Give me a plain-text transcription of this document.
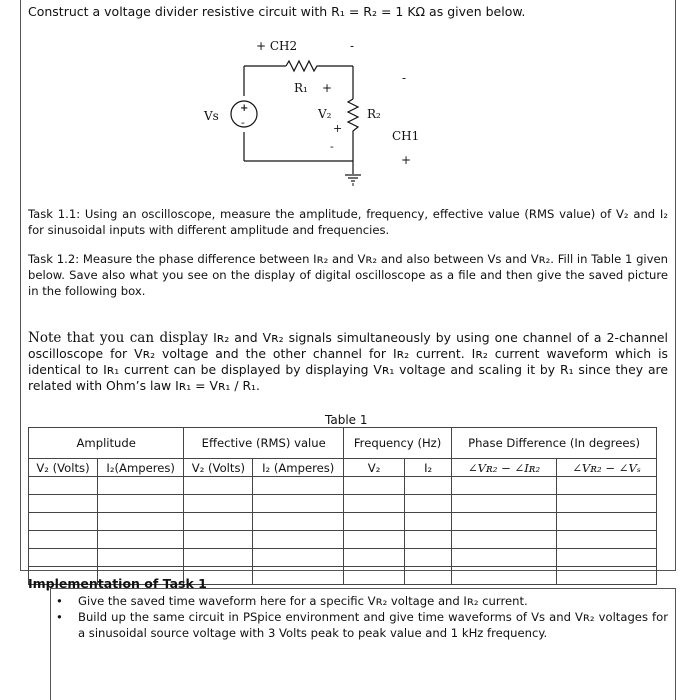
Construct a voltage divider resistive circuit with R₁ = R₂ = 1 KΩ as given below.
+ CH2	-
R₁ +
-
Vs
+
-
V₂
+
-
R₂
CH1
+
Task 1.1: Using an oscilloscope, measure the amplitude, frequency, effective value (RMS value) of V₂ and I₂ for sinusoidal inputs with different amplitude and frequencies.
Task 1.2: Measure the phase difference between Iʀ₂ and Vʀ₂ and also between Vs and Vʀ₂. Fill in Table 1 given below. Save also what you see on the display of digital oscilloscope as a file and then give the saved picture in the following box.
Note that you can display Iʀ₂ and Vʀ₂ signals simultaneously by using one channel of a 2-channel oscilloscope for Vʀ₂ voltage and the other channel for Iʀ₂ current. Iʀ₂ current waveform which is identical to Iʀ₁ current can be displayed by displaying Vʀ₁ voltage and scaling it by R₁ since they are related with Ohm’s law Iʀ₁ = Vʀ₁ / R₁.
Table 1
Amplitude		Effective (RMS) value		Frequency (Hz)		Phase Difference (In degrees)	
V₂ (Volts)	I₂(Amperes)	V₂ (Volts)	I₂ (Amperes)	V₂	I₂	∠Vʀ₂ − ∠Iʀ₂	∠Vʀ₂ − ∠Vₛ

Implementation of Task 1
• Give the saved time waveform here for a specific Vʀ₂ voltage and Iʀ₂ current.
• Build up the same circuit in PSpice environment and give time waveforms of Vs and Vʀ₂ voltages for a sinusoidal source voltage with 3 Volts peak to peak value and 1 kHz frequency.
